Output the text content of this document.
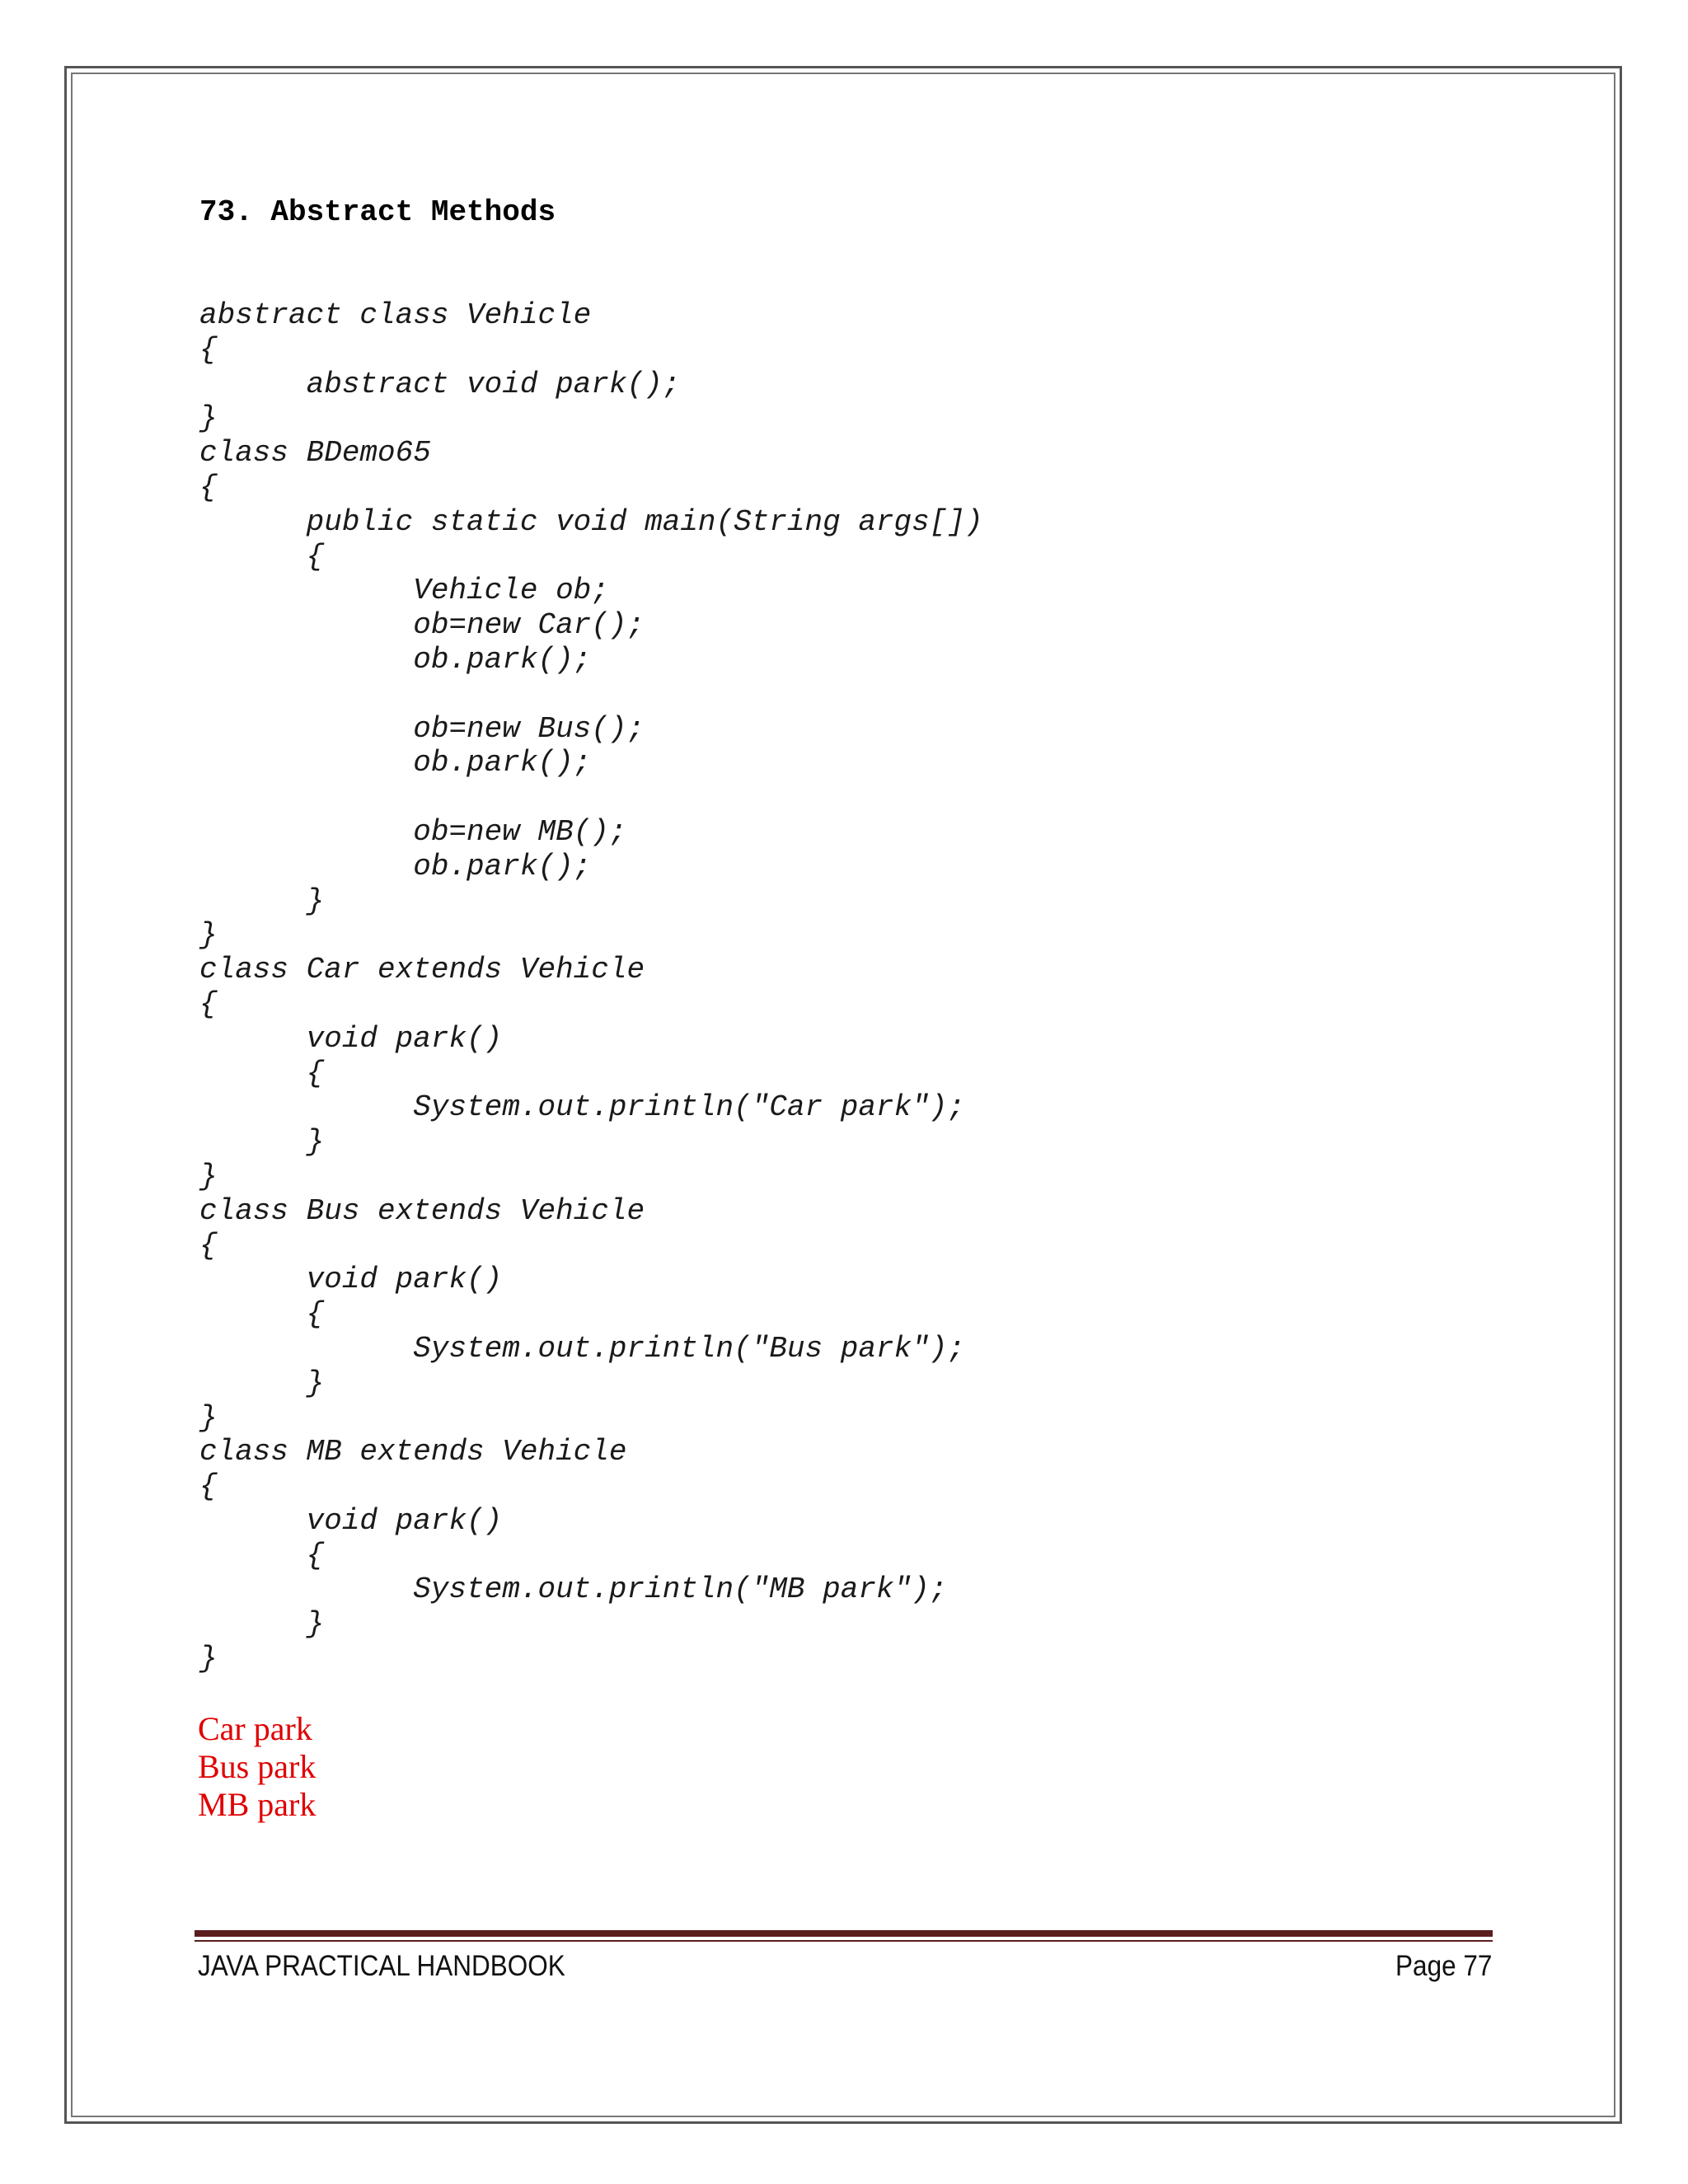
73. Abstract Methods
abstract class Vehicle
{
abstract void park();
}
class BDemo65
{
public static void main(String args[])
{
Vehicle ob;
ob=new Car();
ob.park();
ob=new Bus();
ob.park();
ob=new MB();
ob.park();
}
}
class Car extends Vehicle
{
void park()
{
System.out.println("Car park");
}
}
class Bus extends Vehicle
{
void park()
{
System.out.println("Bus park");
}
}
class MB extends Vehicle
{
void park()
{
System.out.println("MB park");
}
}
Car park
Bus park
MB park
JAVA PRACTICAL HANDBOOK	Page 77
